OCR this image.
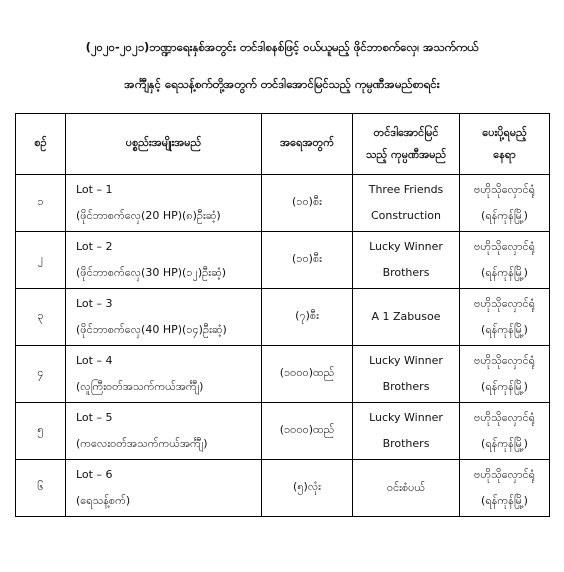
(၂၀၂၀-၂၀၂၁)ဘဏ္ဍာရေးနှစ်အတွင်း တင်ဒါစနစ်ဖြင့် ဝယ်ယူမည့် ဖိုင်ဘာစက်လှေ၊ အသက်ကယ်
အင်္ကျီနှင့် ရေသန့်စက်တို့အတွက် တင်ဒါအောင်မြင်သည့် ကုမ္ပဏီအမည်စာရင်း
စဉ်	ပစ္စည်းအမျိုးအမည်	အရေအတွက်	တင်ဒါအောင်မြင်
သည့် ကုမ္ပဏီအမည်	ပေးပို့ရမည့်
နေရာ

၁	Lot – 1
(ဖိုင်ဘာစက်လှေ(20 HP)(၈)ဦးဆံ့)	(၁၀)စီး	Three Friends
Construction	ဗဟိုသိုလှောင်ရုံ
(ရန်ကုန်မြို့)

၂	Lot – 2
(ဖိုင်ဘာစက်လှေ(30 HP)(၁၂)ဦးဆံ့)	(၁၀)စီး	Lucky Winner
Brothers	ဗဟိုသိုလှောင်ရုံ
(ရန်ကုန်မြို့)

၃	Lot – 3
(ဖိုင်ဘာစက်လှေ(40 HP)(၁၄)ဦးဆံ့)	(၇)စီး	A 1 Zabusoe	ဗဟိုသိုလှောင်ရုံ
(ရန်ကုန်မြို့)

၄	Lot – 4
(လူကြီးဝတ်အသက်ကယ်အင်္ကျီ)	(၁၀၀၀)ထည်	Lucky Winner
Brothers	ဗဟိုသိုလှောင်ရုံ
(ရန်ကုန်မြို့)

၅	Lot – 5
(ကလေးဝတ်အသက်ကယ်အင်္ကျီ)	(၁၀၀၀)ထည်	Lucky Winner
Brothers	ဗဟိုသိုလှောင်ရုံ
(ရန်ကုန်မြို့)

၆	Lot – 6
(ရေသန့်စက်)	(၅)လုံး	ဝင်းစံပယ်	ဗဟိုသိုလှောင်ရုံ
(ရန်ကုန်မြို့)
